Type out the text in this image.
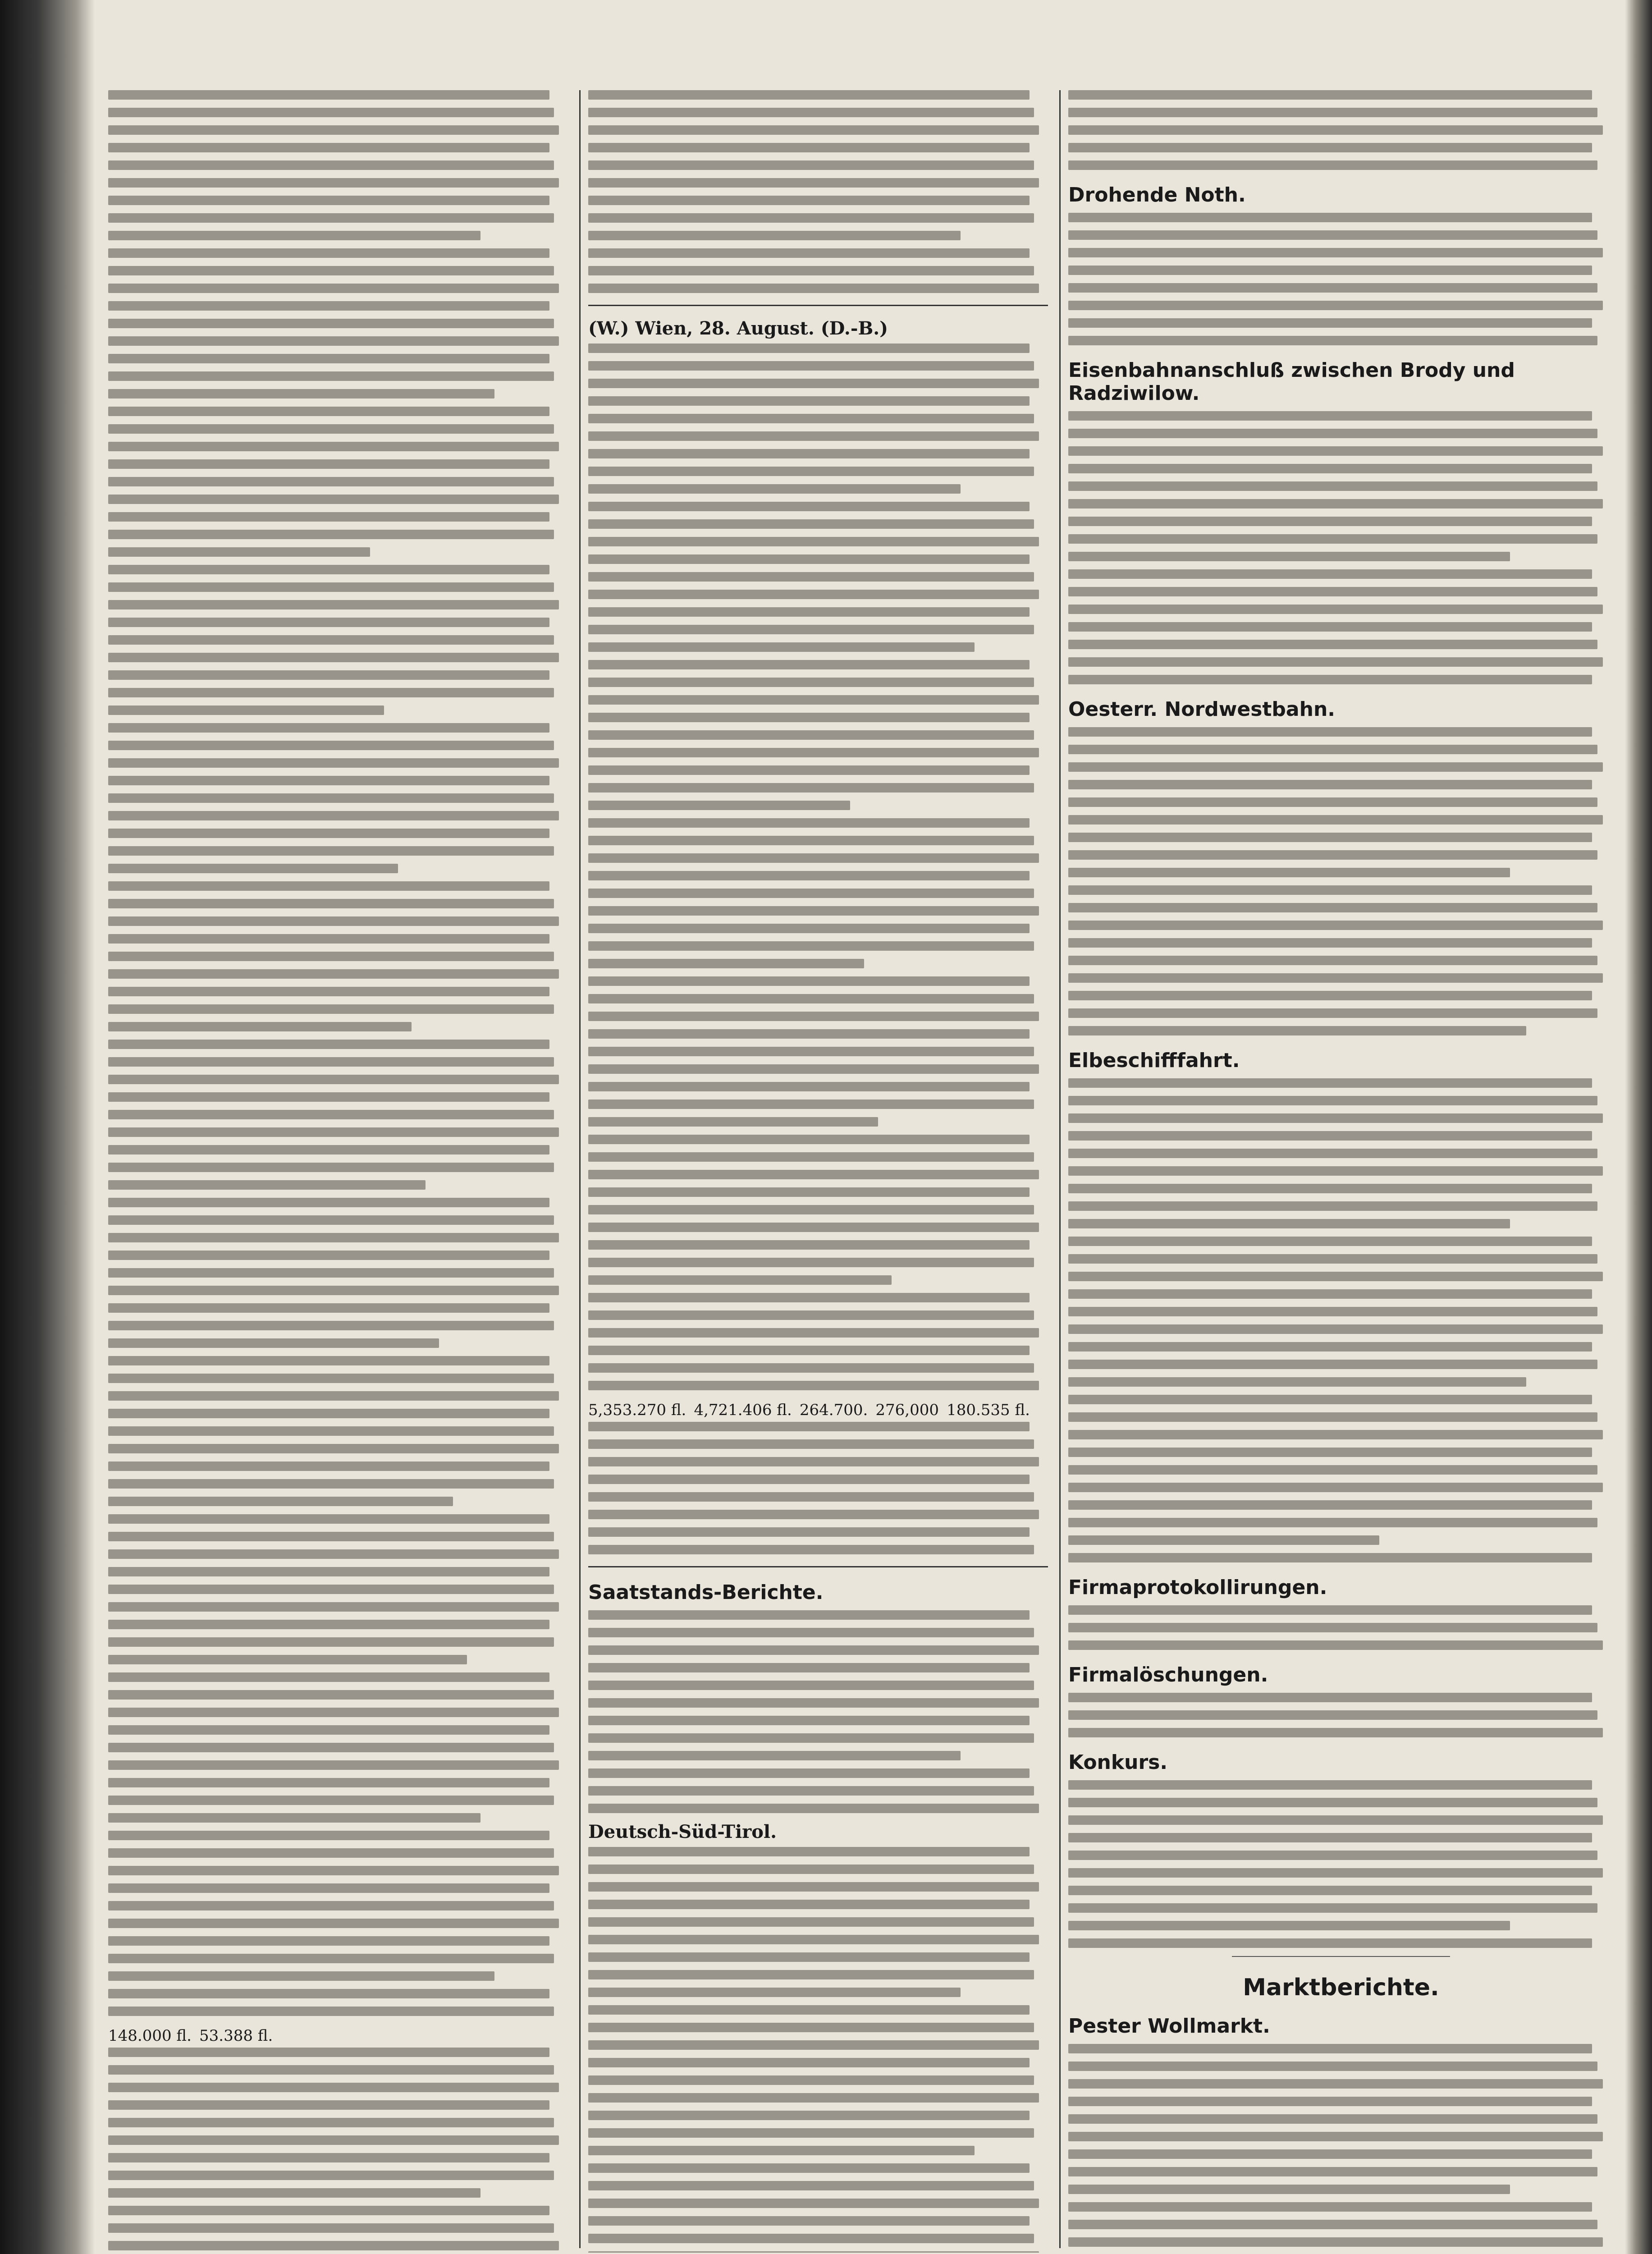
148.000 fl. 53.388 fl.
(W.) Wien, 28. August. (D.-B.)
5,353.270 fl. 4,721.406 fl. 264.700. 276,000 180.535 fl.
Saatstands-Berichte.
Deutsch-Süd-Tirol.
Drohende Noth.
Eisenbahnanschluß zwischen Brody und Radziwilow.
Oesterr. Nordwestbahn.
Elbeschifffahrt.
Firmaprotokollirungen.
Firmalöschungen.
Konkurs.
Marktberichte.
Pester Wollmarkt.
